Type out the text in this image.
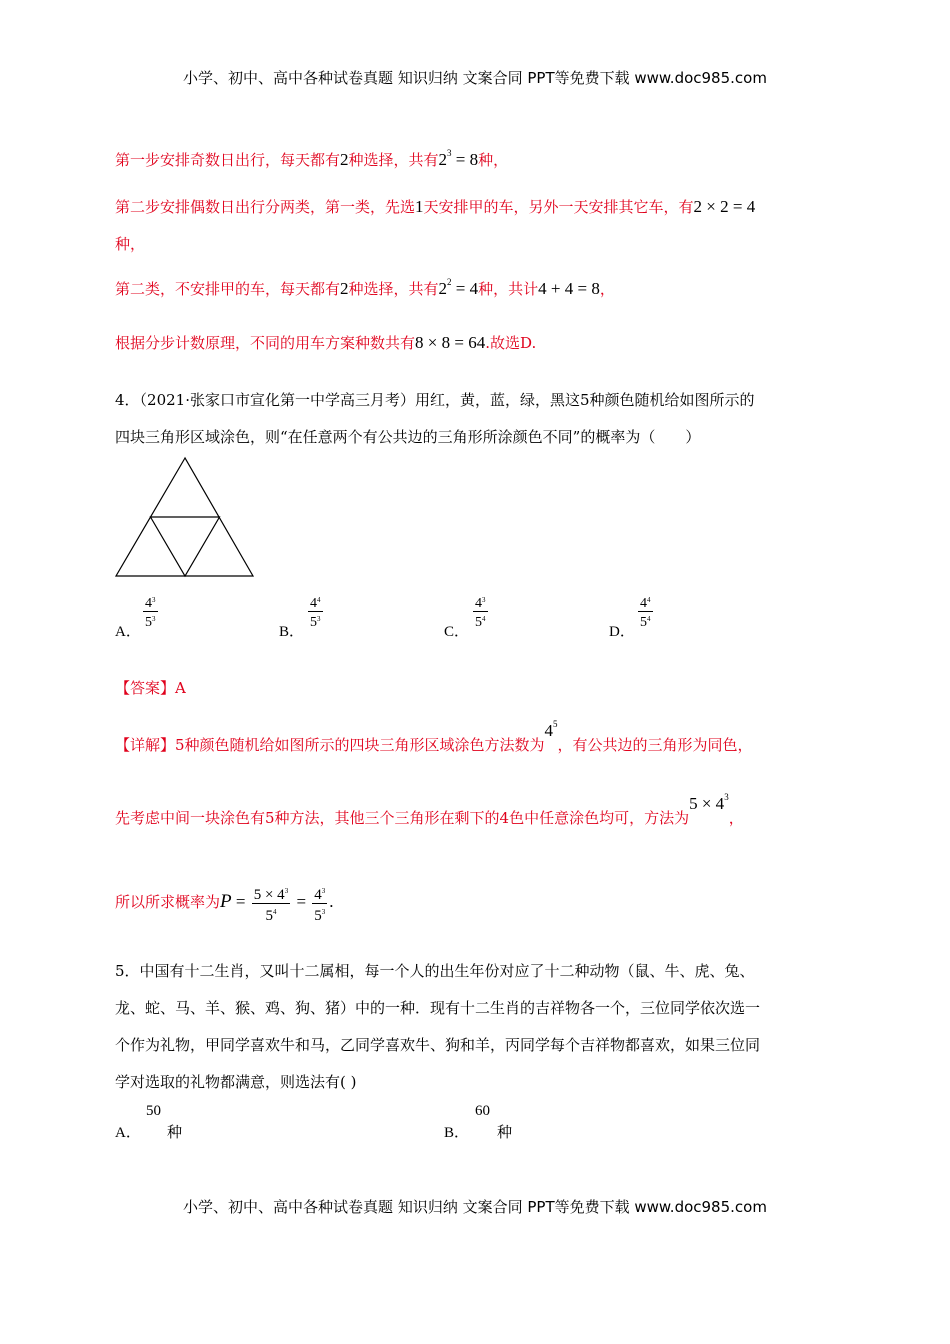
小学、初中、高中各种试卷真题 知识归纳 文案合同 PPT等免费下载 www.doc985.com
第一步安排奇数日出行，每天都有2种选择，共有$2^3 = 8$种，
第二步安排偶数日出行分两类，第一类，先选1天安排甲的车，另外一天安排其它车，有2 × 2 = 4
种，
第二类，不安排甲的车，每天都有2种选择，共有$2^2 = 4$种，共计4 + 4 = 8，
根据分步计数原理，不同的用车方案种数共有8 × 8 = 64.故选D.
4．（2021·张家口市宣化第一中学高三月考）用红，黄，蓝，绿，黑这5种颜色随机给如图所示的
四块三角形区域涂色，则“在任意两个有公共边的三角形所涂颜色不同”的概率为（　　）
A．
$\frac{4^3}{5^3}$
B．
$\frac{4^4}{5^3}$
C．
$\frac{4^3}{5^4}$
D．
$\frac{4^4}{5^4}$
【答案】A
【详解】5种颜色随机给如图所示的四块三角形区域涂色方法数为$4^5$，有公共边的三角形为同色，
先考虑中间一块涂色有5种方法，其他三个三角形在剩下的4色中任意涂色均可，方法为$5 \times 4^3$，
所以所求概率为$P = \frac{5 \times 4^3}{5^4} = \frac{4^3}{5^3}$ .
5．中国有十二生肖，又叫十二属相，每一个人的出生年份对应了十二种动物（鼠、牛、虎、兔、
龙、蛇、马、羊、猴、鸡、狗、猪）中的一种．现有十二生肖的吉祥物各一个，三位同学依次选一
个作为礼物，甲同学喜欢牛和马，乙同学喜欢牛、狗和羊，丙同学每个吉祥物都喜欢，如果三位同
学对选取的礼物都满意，则选法有( )
A．
50
种	B．
60
种
小学、初中、高中各种试卷真题 知识归纳 文案合同 PPT等免费下载 www.doc985.com
